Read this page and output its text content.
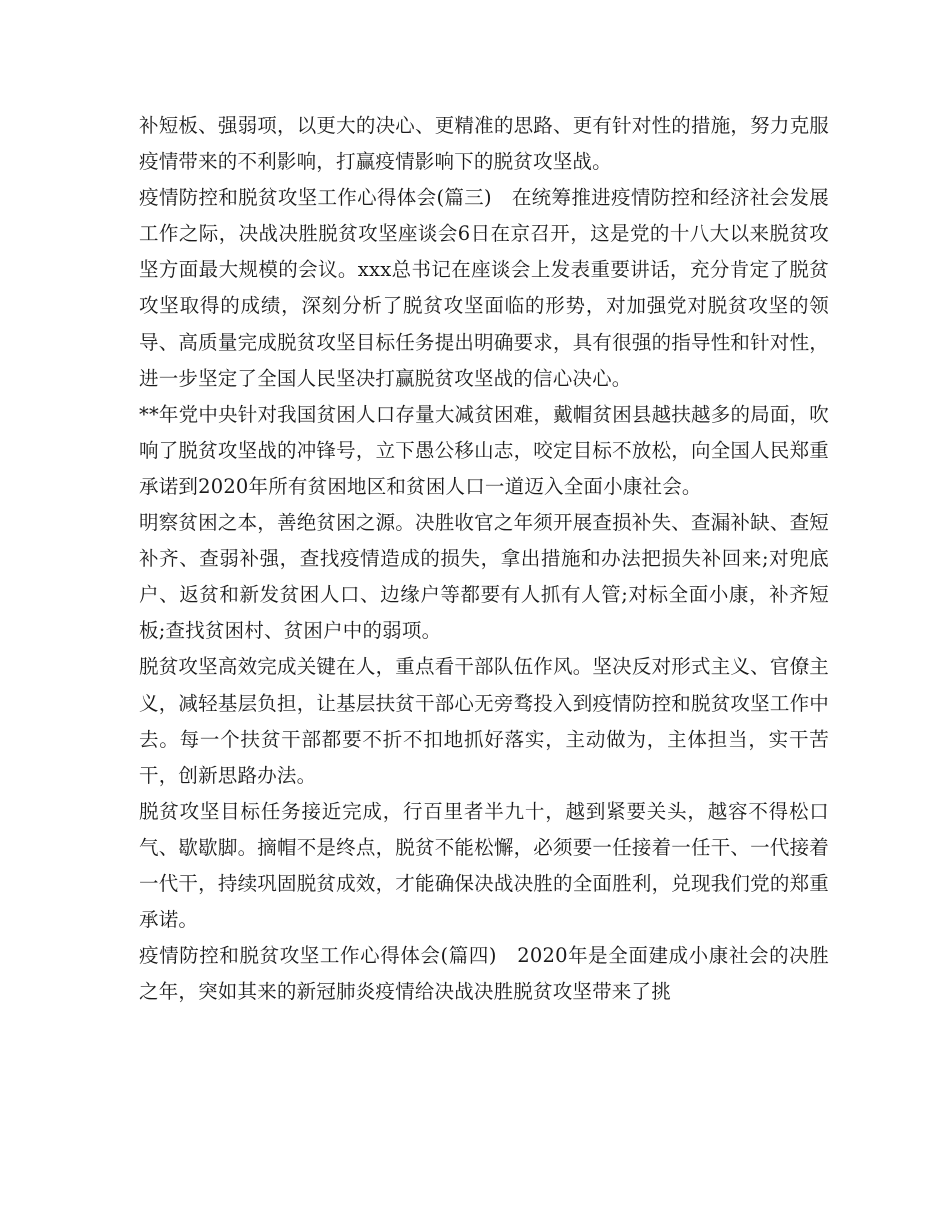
补短板、强弱项，以更大的决心、更精准的思路、更有针对性的措施，努力克服疫情带来的不利影响，打赢疫情影响下的脱贫攻坚战。

疫情防控和脱贫攻坚工作心得体会(篇三)　在统筹推进疫情防控和经济社会发展工作之际，决战决胜脱贫攻坚座谈会6日在京召开，这是党的十八大以来脱贫攻坚方面最大规模的会议。xxx总书记在座谈会上发表重要讲话，充分肯定了脱贫攻坚取得的成绩，深刻分析了脱贫攻坚面临的形势，对加强党对脱贫攻坚的领导、高质量完成脱贫攻坚目标任务提出明确要求，具有很强的指导性和针对性，进一步坚定了全国人民坚决打赢脱贫攻坚战的信心决心。

**年党中央针对我国贫困人口存量大减贫困难，戴帽贫困县越扶越多的局面，吹响了脱贫攻坚战的冲锋号，立下愚公移山志，咬定目标不放松，向全国人民郑重承诺到2020年所有贫困地区和贫困人口一道迈入全面小康社会。

明察贫困之本，善绝贫困之源。决胜收官之年须开展查损补失、查漏补缺、查短补齐、查弱补强，查找疫情造成的损失，拿出措施和办法把损失补回来;对兜底户、返贫和新发贫困人口、边缘户等都要有人抓有人管;对标全面小康，补齐短板;查找贫困村、贫困户中的弱项。

脱贫攻坚高效完成关键在人，重点看干部队伍作风。坚决反对形式主义、官僚主义，减轻基层负担，让基层扶贫干部心无旁骛投入到疫情防控和脱贫攻坚工作中去。每一个扶贫干部都要不折不扣地抓好落实，主动做为，主体担当，实干苦干，创新思路办法。

脱贫攻坚目标任务接近完成，行百里者半九十，越到紧要关头，越容不得松口气、歇歇脚。摘帽不是终点，脱贫不能松懈，必须要一任接着一任干、一代接着一代干，持续巩固脱贫成效，才能确保决战决胜的全面胜利，兑现我们党的郑重承诺。

疫情防控和脱贫攻坚工作心得体会(篇四)　2020年是全面建成小康社会的决胜之年，突如其来的新冠肺炎疫情给决战决胜脱贫攻坚带来了挑
